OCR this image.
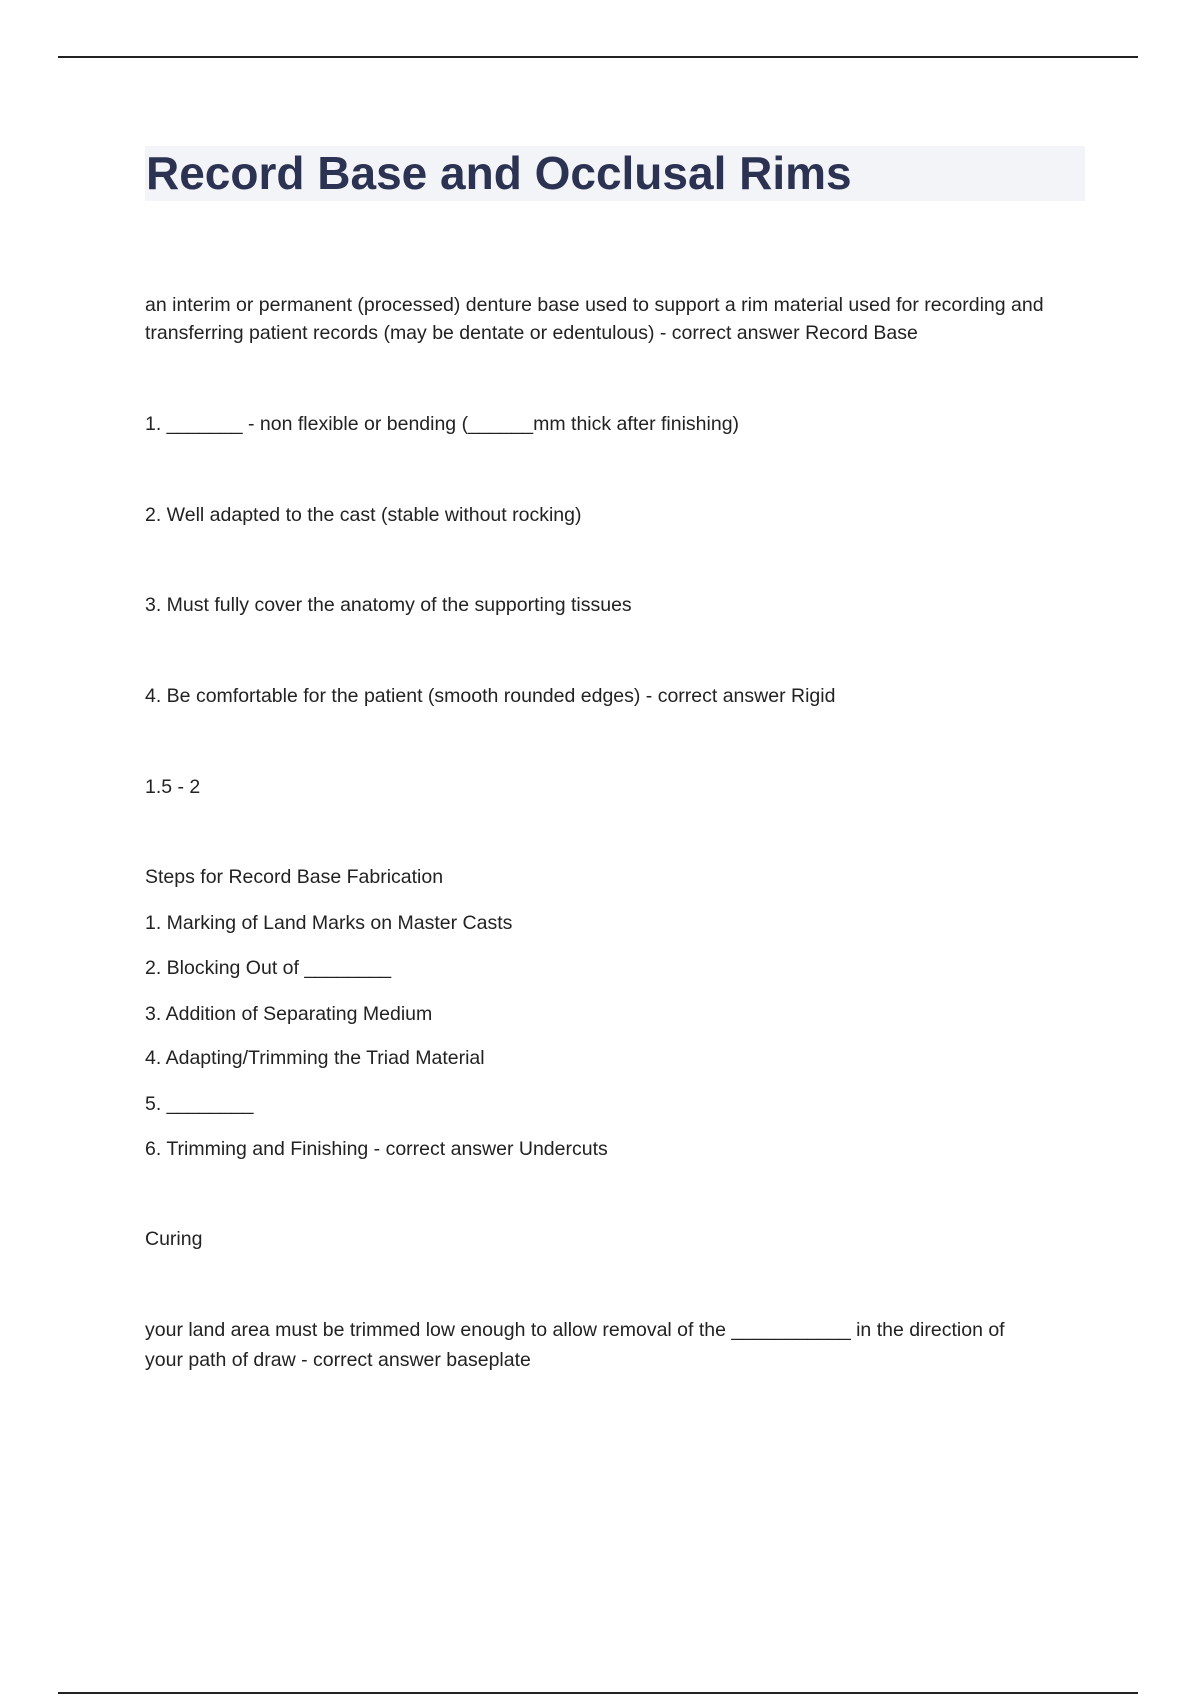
Record Base and Occlusal Rims

an interim or permanent (processed) denture base used to support a rim material used for recording and

transferring patient records (may be dentate or edentulous) - correct answer Record Base

1. _______ - non flexible or bending (______mm thick after finishing)

2. Well adapted to the cast (stable without rocking)

3. Must fully cover the anatomy of the supporting tissues

4. Be comfortable for the patient (smooth rounded edges) - correct answer Rigid

1.5 - 2

Steps for Record Base Fabrication

1. Marking of Land Marks on Master Casts

2. Blocking Out of ________

3. Addition of Separating Medium

4. Adapting/Trimming the Triad Material

5. ________

6. Trimming and Finishing - correct answer Undercuts

Curing

your land area must be trimmed low enough to allow removal of the ___________ in the direction of

your path of draw - correct answer baseplate
